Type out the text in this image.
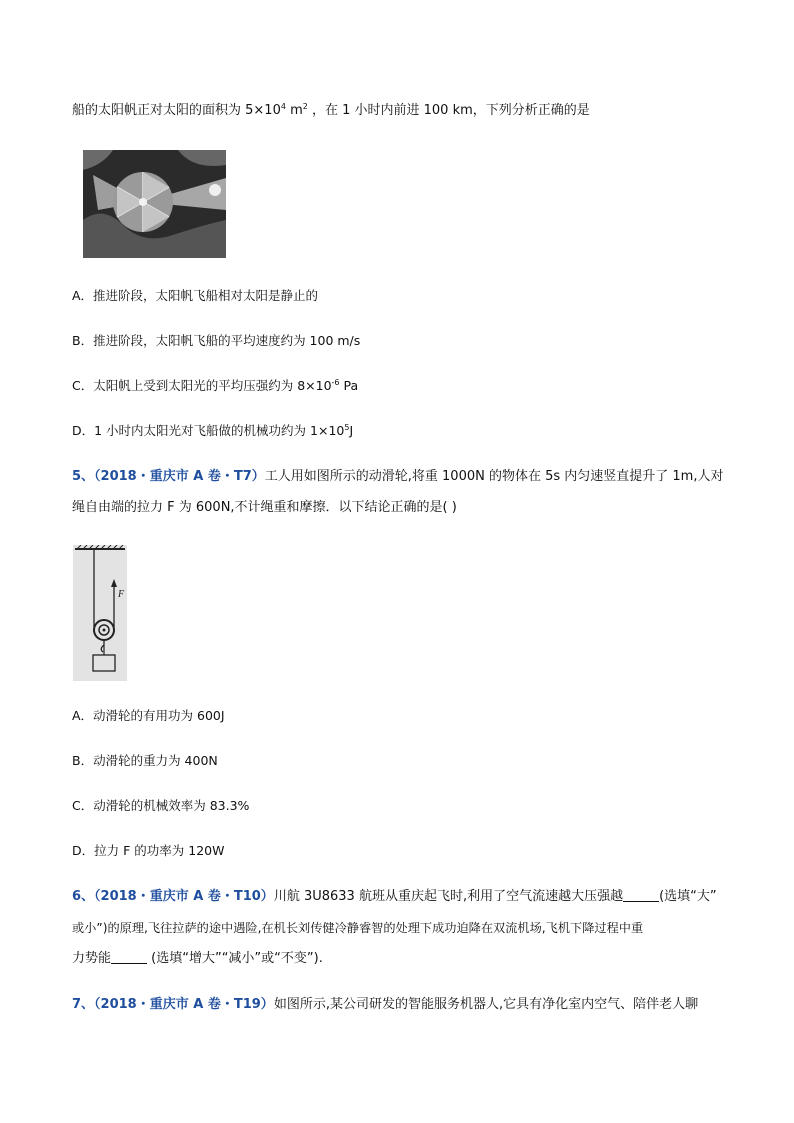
船的太阳帆正对太阳的面积为 $5\times 10^4$ $m^2$ ，在 1 小时内前进 100 km，下列分析正确的是
A．推进阶段，太阳帆飞船相对太阳是静止的
B．推进阶段，太阳帆飞船的平均速度约为 100 m/s
C．太阳帆上受到太阳光的平均压强约为 $8\times 10^{-6}$ Pa
D．1 小时内太阳光对飞船做的机械功约为 $1\times 10^5J$
5、（2018・重庆市 A 卷・T7）工人用如图所示的动滑轮,将重 1000N 的物体在 5s 内匀速竖直提升了 1m,人对
绳自由端的拉力 F 为 600N,不计绳重和摩擦．以下结论正确的是( )
F
A．动滑轮的有用功为 600J
B．动滑轮的重力为 400N
C．动滑轮的机械效率为 83.3%
D．拉力 F 的功率为 120W
6、（2018・重庆市 A 卷・T10）川航 3U8633 航班从重庆起飞时,利用了空气流速越大压强越	(选填“大”
或小”)的原理,飞往拉萨的途中遇险,在机长刘传健冷静睿智的处理下成功迫降在双流机场,飞机下降过程中重
力势能	(选填“增大”“减小”或“不变”).
7、（2018・重庆市 A 卷・T19）如图所示,某公司研发的智能服务机器人,它具有净化室内空气、陪伴老人聊
